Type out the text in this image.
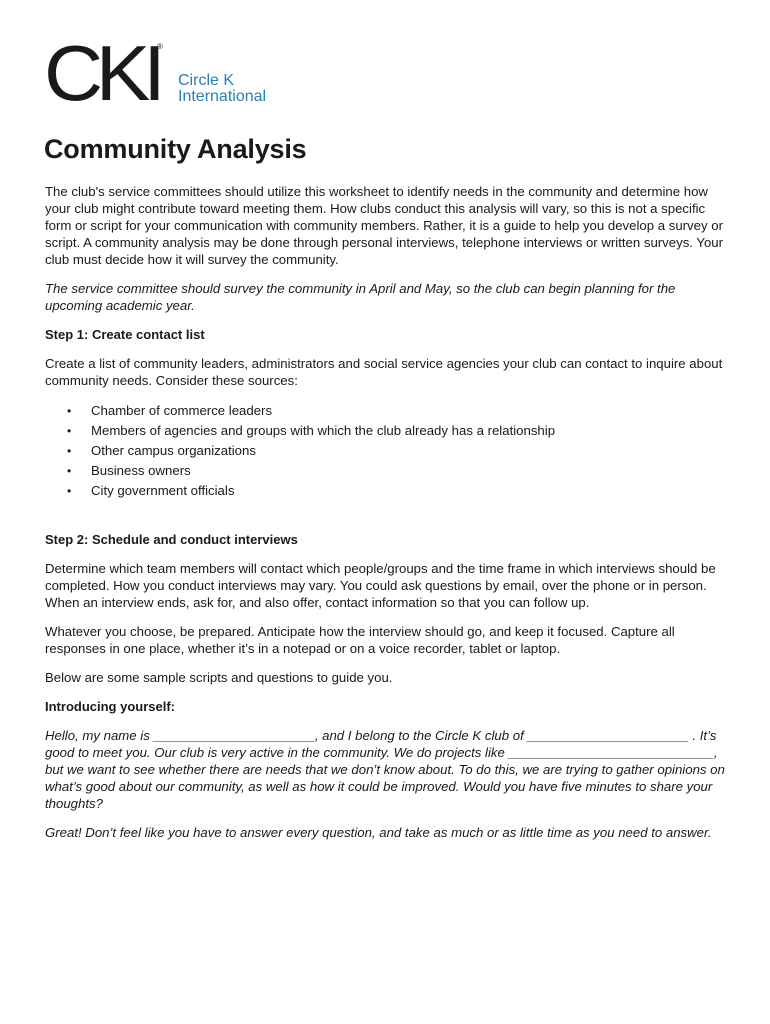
CKI
®
Circle K
International
Community Analysis

The club's service committees should utilize this worksheet to identify needs in the community and determine how your club might contribute toward meeting them. How clubs conduct this analysis will vary, so this is not a specific form or script for your communication with community members. Rather, it is a guide to help you develop a survey or script. A community analysis may be done through personal interviews, telephone interviews or written surveys. Your club must decide how it will survey the community.

The service committee should survey the community in April and May, so the club can begin planning for the upcoming academic year.

Step 1: Create contact list

Create a list of community leaders, administrators and social service agencies your club can contact to inquire about community needs. Consider these sources:

• Chamber of commerce leaders
• Members of agencies and groups with which the club already has a relationship
• Other campus organizations
• Business owners
• City government officials
Step 2: Schedule and conduct interviews

Determine which team members will contact which people/groups and the time frame in which interviews should be completed. How you conduct interviews may vary. You could ask questions by email, over the phone or in person. When an interview ends, ask for, and also offer, contact information so that you can follow up.

Whatever you choose, be prepared. Anticipate how the interview should go, and keep it focused. Capture all responses in one place, whether it’s in a notepad or on a voice recorder, tablet or laptop.

Below are some sample scripts and questions to guide you.

Introducing yourself:

Hello, my name is ______________________, and I belong to the Circle K club of ______________________ . It’s good to meet you. Our club is very active in the community. We do projects like ____________________________, but we want to see whether there are needs that we don’t know about. To do this, we are trying to gather opinions on what’s good about our community, as well as how it could be improved. Would you have five minutes to share your thoughts?

Great! Don’t feel like you have to answer every question, and take as much or as little time as you need to answer.
